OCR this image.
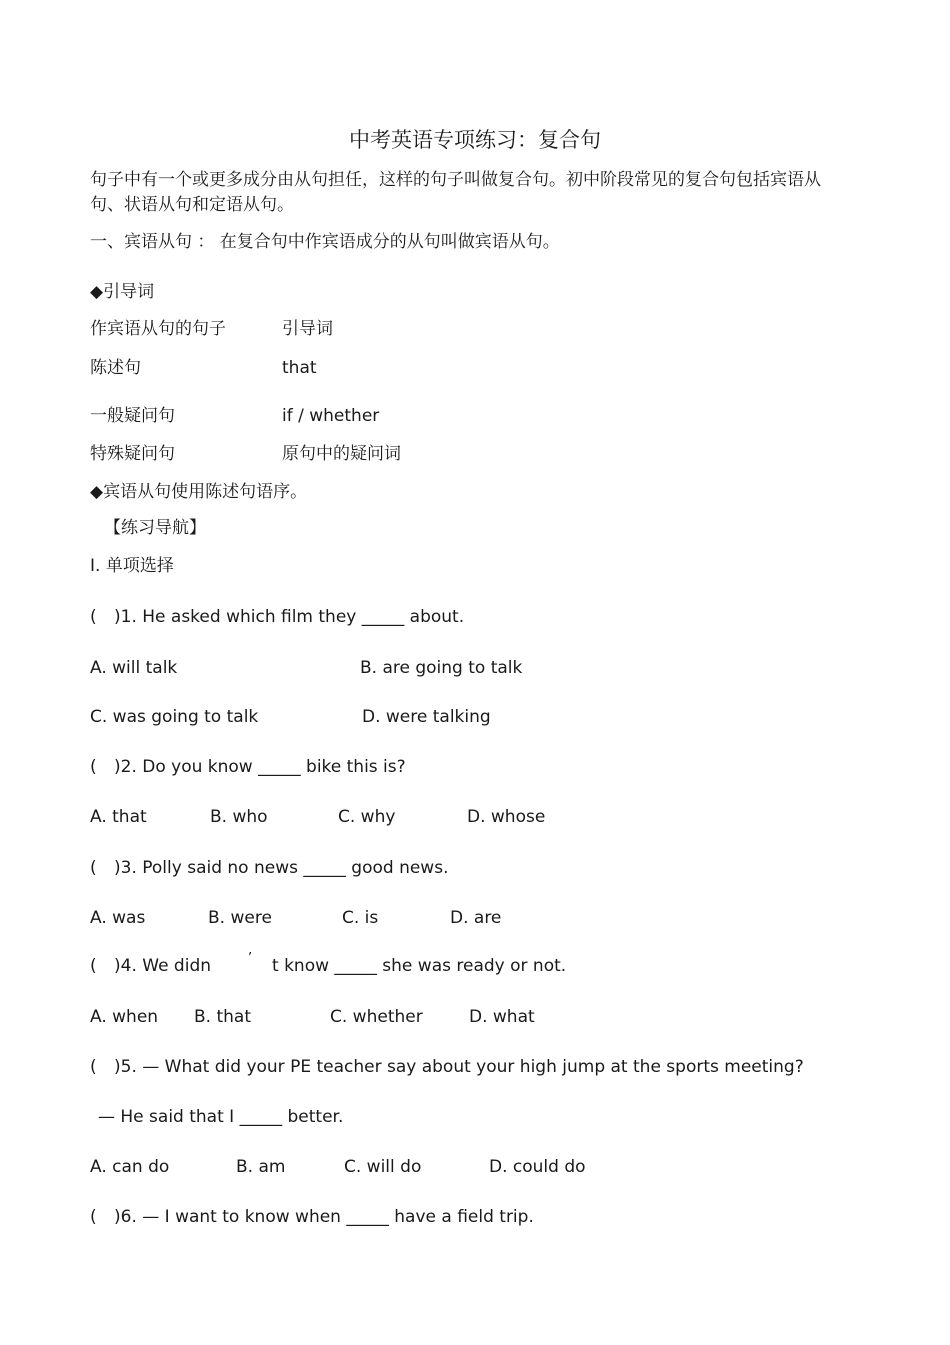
中考英语专项练习：复合句
句子中有一个或更多成分由从句担任，这样的句子叫做复合句。初中阶段常见的复合句包括宾语从句、状语从句和定语从句。
一、宾语从句 ： 在复合句中作宾语成分的从句叫做宾语从句。
◆引导词
作宾语从句的句子	引导词
陈述句	that
一般疑问句	if / whether
特殊疑问句	原句中的疑问词
◆宾语从句使用陈述句语序。
【练习导航】
Ⅰ. 单项选择
( )1. He asked which film they _____ about.
A. will talk	B. are going to talk
C. was going to talk	D. were talking
( )2. Do you know _____ bike this is?
A. that	B. who	C. why	D. whose
( )3. Polly said no news _____ good news.
A. was	B. were	C. is	D. are
( )4. We didn	’ t know _____ she was ready or not.
A. when B. that	C. whether	D. what
( )5. — What did your PE teacher say about your high jump at the sports meeting?
— He said that I _____ better.
A. can do	B. am	C. will do	D. could do
( )6. — I want to know when _____ have a field trip.
